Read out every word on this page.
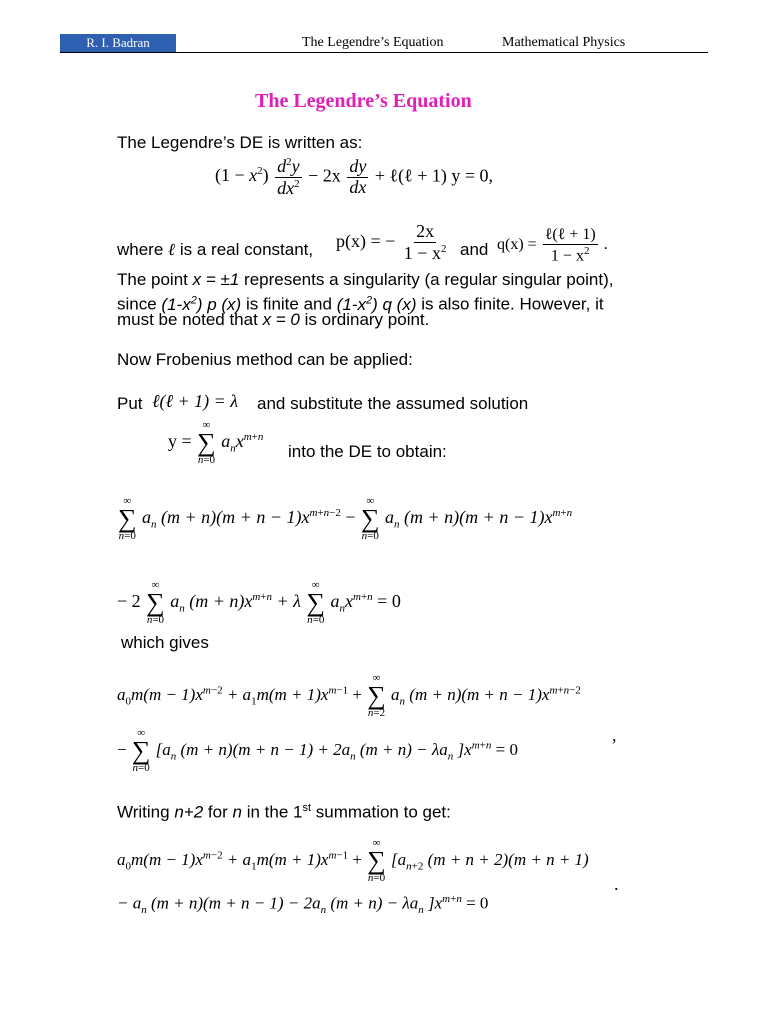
R. I. Badran	The Legendre’s Equation	Mathematical Physics
The Legendre’s Equation
The Legendre’s DE is written as:
$(1 - x^2) \frac{d^2y}{dx^2} - 2x \frac{dy}{dx}$ + ℓ(ℓ + 1) y = 0,
where ℓ is a real constant, p(x) = − $\frac{2x}{1 - x^2}$ and $q(x) = \frac{\text{ℓ(ℓ + 1)}}{1 - x^2}$ .
The point x = ±1 represents a singularity (a regular singular point),
since $(1-x^2)$ p (x) is finite and $(1-x^2)$ q (x) is also finite. However, it
must be noted that x = 0 is ordinary point.
Now Frobenius method can be applied:
Put ℓ(ℓ + 1) = λ and substitute the assumed solution
y =
∞
∑
n=0
$a_nx^{m+n}$
into the DE to obtain:
∞
∑
n=0
$a_n$ $(m + n)(m + n - 1)x^{m+n-2}$ −
∞
∑
n=0
$a_n$ $(m + n)(m + n - 1)x^{m+n}$
− 2
∞
∑
n=0
$a_n$ $(m + n)x^{m+n} + \lambda$
∞
∑
n=0
$a_nx^{m+n} = 0$
which gives
$a_0m(m - 1)x^{m-2} + a_1m(m + 1)x^{m-1}$ +
∞
∑
n=2
$a_n$ $(m + n)(m + n - 1)x^{m+n-2}$
−
∞
∑
n=0
[$a_n$ $(m + n)(m + n - 1) + 2a_n$ $(m + n) - \lambda a_n$ ]$x^{m+n} = 0$
,
Writing n+2 for n in the 1st summation to get:
$a_0m(m - 1)x^{m-2} + a_1m(m + 1)x^{m-1}$ +
∞
∑
n=0
[$a_{n+2}$ (m + n + 2)(m + n + 1)
.
− $a_n$ $(m + n)(m + n - 1) - 2a_n$ $(m + n) - \lambda a_n$ ]$x^{m+n} = 0$
